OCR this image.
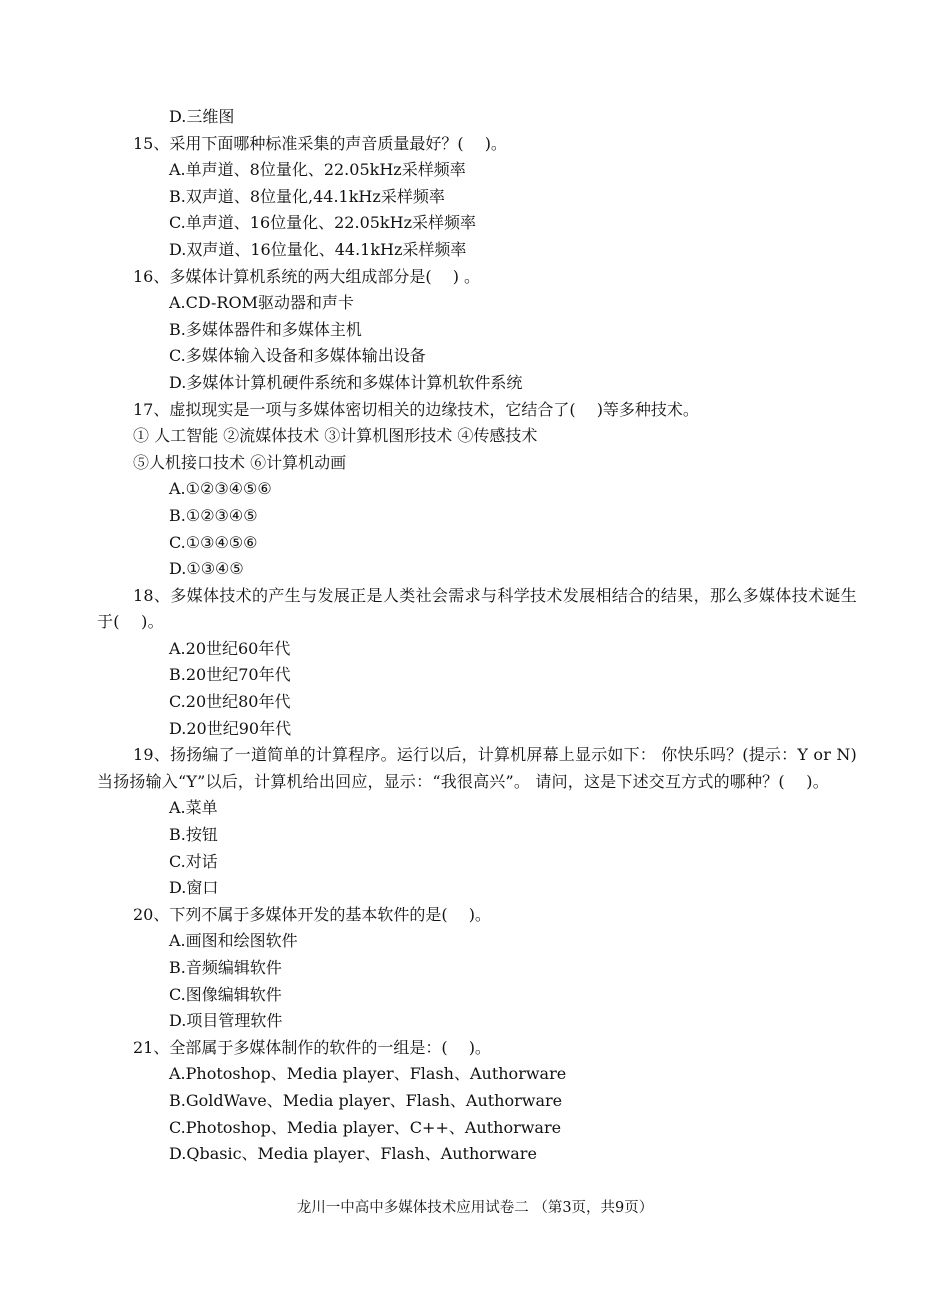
D.三维图
15、采用下面哪种标准采集的声音质量最好？(　 )。
A.单声道、8位量化、22.05kHz采样频率
B.双声道、8位量化,44.1kHz采样频率
C.单声道、16位量化、22.05kHz采样频率
D.双声道、16位量化、44.1kHz采样频率
16、多媒体计算机系统的两大组成部分是(　 ) 。
A.CD-ROM驱动器和声卡
B.多媒体器件和多媒体主机
C.多媒体输入设备和多媒体输出设备
D.多媒体计算机硬件系统和多媒体计算机软件系统
17、虚拟现实是一项与多媒体密切相关的边缘技术，它结合了(　 )等多种技术。
① 人工智能 ②流媒体技术 ③计算机图形技术 ④传感技术
⑤人机接口技术 ⑥计算机动画
A.①②③④⑤⑥
B.①②③④⑤
C.①③④⑤⑥
D.①③④⑤
18、多媒体技术的产生与发展正是人类社会需求与科学技术发展相结合的结果，那么多媒体技术诞生于(　 )。
A.20世纪60年代
B.20世纪70年代
C.20世纪80年代
D.20世纪90年代
19、扬扬编了一道简单的计算程序。运行以后，计算机屏幕上显示如下： 你快乐吗？(提示：Y or N) 当扬扬输入“Y”以后，计算机给出回应，显示：“我很高兴”。 请问，这是下述交互方式的哪种？(　 )。
A.菜单
B.按钮
C.对话
D.窗口
20、下列不属于多媒体开发的基本软件的是(　 )。
A.画图和绘图软件
B.音频编辑软件
C.图像编辑软件
D.项目管理软件
21、全部属于多媒体制作的软件的一组是：(　 )。
A.Photoshop、Media player、Flash、Authorware
B.GoldWave、Media player、Flash、Authorware
C.Photoshop、Media player、C++、Authorware
D.Qbasic、Media player、Flash、Authorware
龙川一中高中多媒体技术应用试卷二 （第3页，共9页）
